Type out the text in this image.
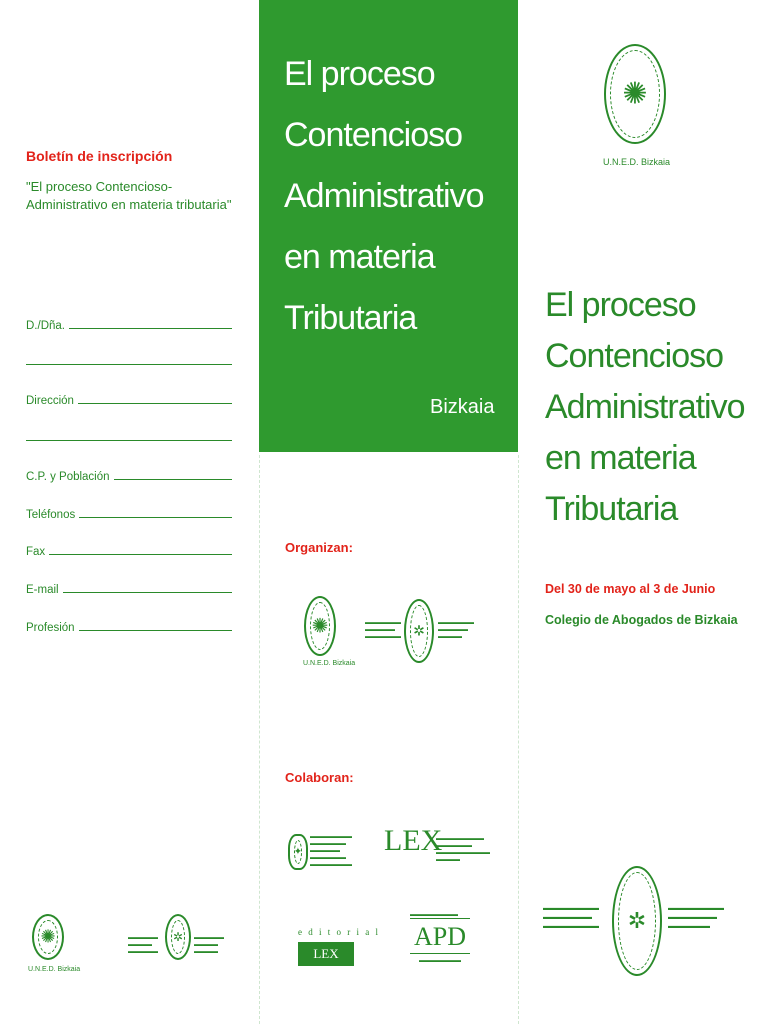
Boletín de inscripción
"El proceso Contencioso-Administrativo en materia tributaria"
D./Dña.
Dirección
C.P. y Población
Teléfonos
Fax
E-mail
Profesión
✺
U.N.E.D. Bizkaia
▬▬▬▬▬
▬▬▬▬
▬▬▬▬▬
✲ ▬▬▬▬▬
▬▬▬▬
▬▬▬▬
El proceso
Contencioso
Administrativo
en materia
Tributaria
Bizkaia
Organizan:
✺
U.N.E.D. Bizkaia
▬▬▬▬▬▬
▬▬▬▬▬
▬▬▬▬▬▬ ✲ ▬▬▬▬▬▬
▬▬▬▬▬
▬▬▬▬
Colaboran:
✦
▬▬▬▬▬▬▬
▬▬▬▬▬▬
▬▬▬▬▬
▬▬▬▬▬▬
▬▬▬▬▬▬▬
LEX
▬▬▬▬▬▬▬▬
▬▬▬▬▬▬
▬▬▬▬▬▬▬▬▬
▬▬▬▬
e d i t o r i a l
LEX NOVA
▬▬▬▬▬▬▬▬
APD
▬▬▬▬▬▬▬
✺
U.N.E.D. Bizkaia
El proceso
Contencioso
Administrativo
en materia
Tributaria
Del 30 de mayo al 3 de Junio
Colegio de Abogados de Bizkaia
▬▬▬▬▬▬▬▬
▬▬▬▬▬▬▬
▬▬▬▬▬▬▬▬	✲	▬▬▬▬▬▬▬▬
▬▬▬▬▬▬▬
▬▬▬▬▬▬
